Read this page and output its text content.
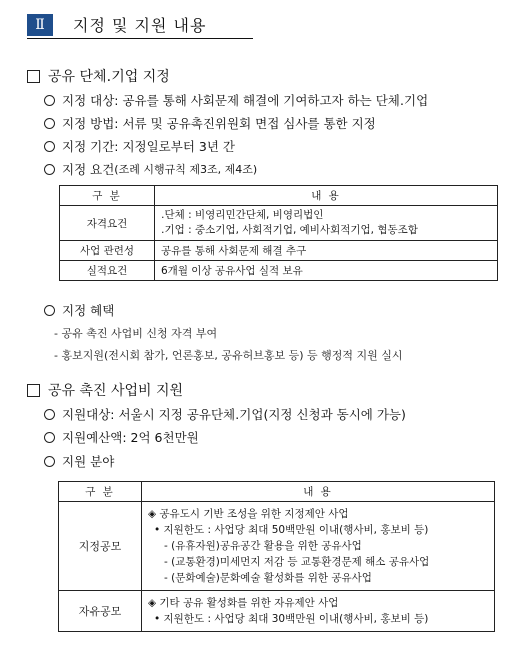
Ⅱ	지정 및 지원 내용
공유 단체․기업 지정
지정 대상: 공유를 통해 사회문제 해결에 기여하고자 하는 단체․기업
지정 방법: 서류 및 공유촉진위원회 면접 심사를 통한 지정
지정 기간: 지정일로부터 3년 간
지정 요건 (조례 시행규칙 제3조, 제4조)
구 분	내 용
자격요건	․단체 : 비영리민간단체, 비영리법인
․기업 : 중소기업, 사회적기업, 예비사회적기업, 협동조합

사업 관련성	공유를 통해 사회문제 해결 추구
실적요건	6개월 이상 공유사업 실적 보유
지정 혜택
- 공유 촉진 사업비 신청 자격 부여
- 홍보지원(전시회 참가, 언론홍보, 공유허브홍보 등) 등 행정적 지원 실시
공유 촉진 사업비 지원
지원대상: 서울시 지정 공유단체․기업(지정 신청과 동시에 가능)
지원예산액: 2억 6천만원
지원 분야
구 분	내 용
지정공모	◈ 공유도시 기반 조성을 위한 지정제안 사업
• 지원한도 : 사업당 최대 50백만원 이내(행사비, 홍보비 등)
- (유휴자원)공유공간 활용을 위한 공유사업
- (교통환경)미세먼지 저감 등 교통환경문제 해소 공유사업
- (문화예술)문화예술 활성화를 위한 공유사업

자유공모	◈ 기타 공유 활성화를 위한 자유제안 사업
• 지원한도 : 사업당 최대 30백만원 이내(행사비, 홍보비 등)
